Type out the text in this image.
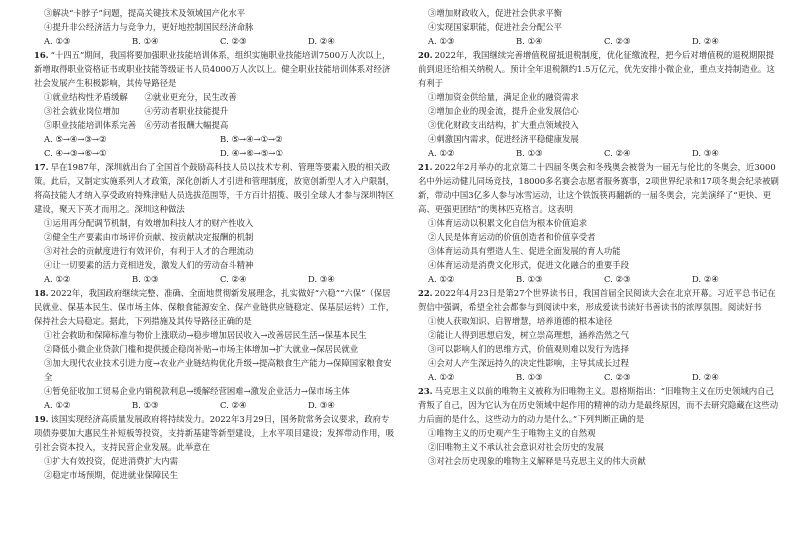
③解决“卡脖子”问题，提高关键技术及领域国产化水平
④提升非公经济活力与竞争力，更好地控制国民经济命脉
A. ①③	B. ①④	C. ②③	D. ②④
16. “十四五”期间，我国将要加强职业技能培训体系，组织实施职业技能培训7500万人次以上，新增取得职业资格证书或职业技能等级证书人员4000万人次以上。健全职业技能培训体系对经济社会发展产生积极影响，其传导路径是
①就业结构性矛盾缓解　　②就业更充分，民生改善
③社会就业岗位增加　　　④劳动者职业技能提升
⑤职业技能培训体系完善　⑥劳动者报酬大幅提高
A. ⑤→④→③→②	B. ⑤→④→①→②
C. ④→③→⑥→①	D. ④→⑥→⑤→①
17. 早在1987年，深圳就出台了全国首个鼓励高科技人员以技术专利、管理等要素入股的相关政策。此后，又制定实施系列人才政策，深化创新人才引进和管理制度，放宽创新型人才入户限制，将高技能人才纳入享受政府特殊津贴人员选拔范围等，千方百计招揽、吸引全球人才参与深圳特区建设，聚天下英才而用之。深圳这种做法
①运用再分配调节机制，有效增加科技人才的财产性收入
②健全生产要素由市场评价贡献、按贡献决定报酬的机制
③对社会的贡献度进行有效评价，有利于人才的合理流动
④让一切要素的活力竞相迸发，激发人们的劳动奋斗精神
A. ①②	B. ①③	C. ②④	D. ③④
18. 2022年，我国政府继续完整、准确、全面地贯彻新发展理念，扎实做好“六稳”“六保”（保居民就业、保基本民生、保市场主体、保粮食能源安全、保产业链供应链稳定、保基层运转）工作，保持社会大局稳定。据此，下列措施及其传导路径正确的是
①社会救助和保障标准与物价上涨联动→稳步增加居民收入→改善居民生活→保基本民生
②降低小微企业贷款门槛和提供援企稳岗补贴→市场主体增加→扩大就业→保居民就业
③加大现代农业技术引进力度→农业产业链结构优化升级→提高粮食生产能力→保障国家粮食安全
④暂免征收加工贸易企业内销税款利息→缓解经营困难→激发企业活力→保市场主体
A. ①②	B. ①③	C. ②④	D. ③④
19. 该国实现经济高质量发展政府将持续发力。2022年3月29日，国务院常务会议要求，政府专项债券要加大惠民生补短板等投资，支持新基建等新型建设，上水平项目建设；发挥带动作用，吸引社会资本投入，支持民营企业发展。此举意在
①扩大有效投资，促进消费扩大内需
②稳定市场预期，促进就业保障民生
③增加财政收入，促进社会供求平衡
④实现国家职能，促进社会分配公平
A. ①③	B. ①④	C. ②③	D. ②④
20. 2022年，我国继续完善增值税留抵退税制度，优化征缴流程，把今后对增值税的退税期限提前到退还给相关纳税人。预计全年退税额约1.5万亿元，优先安排小微企业，重点支持制造业。这有利于
①增加资金供给量，满足企业的融资需求
②增加企业的现金流，提升企业发展信心
③优化财政支出结构，扩大重点领域投入
④刺激国内需求，促进经济平稳健康发展
A. ①②	B. ①③	C. ②④	D. ③④
21. 2022年2月举办的北京第二十四届冬奥会和冬残奥会被誉为一届无与伦比的冬奥会，近3000名中外运动健儿同场竞技，18000多名赛会志愿者服务赛事，2项世界纪录和17项冬奥会纪录被刷新，带动中国3亿多人参与冰雪运动，让这个铁饭筷再翻新的一届冬奥会，完美演绎了“更快、更高、更强更团结”的奥林匹克格言。这表明
①体育运动以积累文化自信为根本价值追求
②人民是体育运动的价值创造者和价值享受者
③体育运动具有塑造人生、促进全面发展的育人功能
④体育运动是消费文化形式，促进文化融合的重要手段
A. ①②	B. ①③	C. ②③	D. ②④
22. 2022年4月23日是第27个世界读书日，我国首届全民阅读大会在北京开幕。习近平总书记在贺信中强调，希望全社会都参与到阅读中来，形成爱读书读好书善读书的浓厚氛围。阅读好书
①使人获取知识、启智增慧，培养道德的根本途径
②能让人得到思想启发，树立崇高理想，涵养浩然之气
③可以影响人们的思维方式，价值观则难以发行为选择
④会对人产生深远持久的决定性影响，主导其成长过程
A. ①②	B. ①③	C. ②③	D. ②④
23. 马克思主义以前的唯物主义被称为旧唯物主义。恩格斯指出：“旧唯物主义在历史领域内自己背叛了自己，因为它认为在历史领域中起作用的精神的动力是最终原因，而不去研究隐藏在这些动力后面的是什么，这些动力的动力是什么。”下列判断正确的是
①唯物主义的历史观产生于唯物主义的自然观
②旧唯物主义不承认社会意识对社会历史的发展
③对社会历史现象的唯物主义解释是马克思主义的伟大贡献
